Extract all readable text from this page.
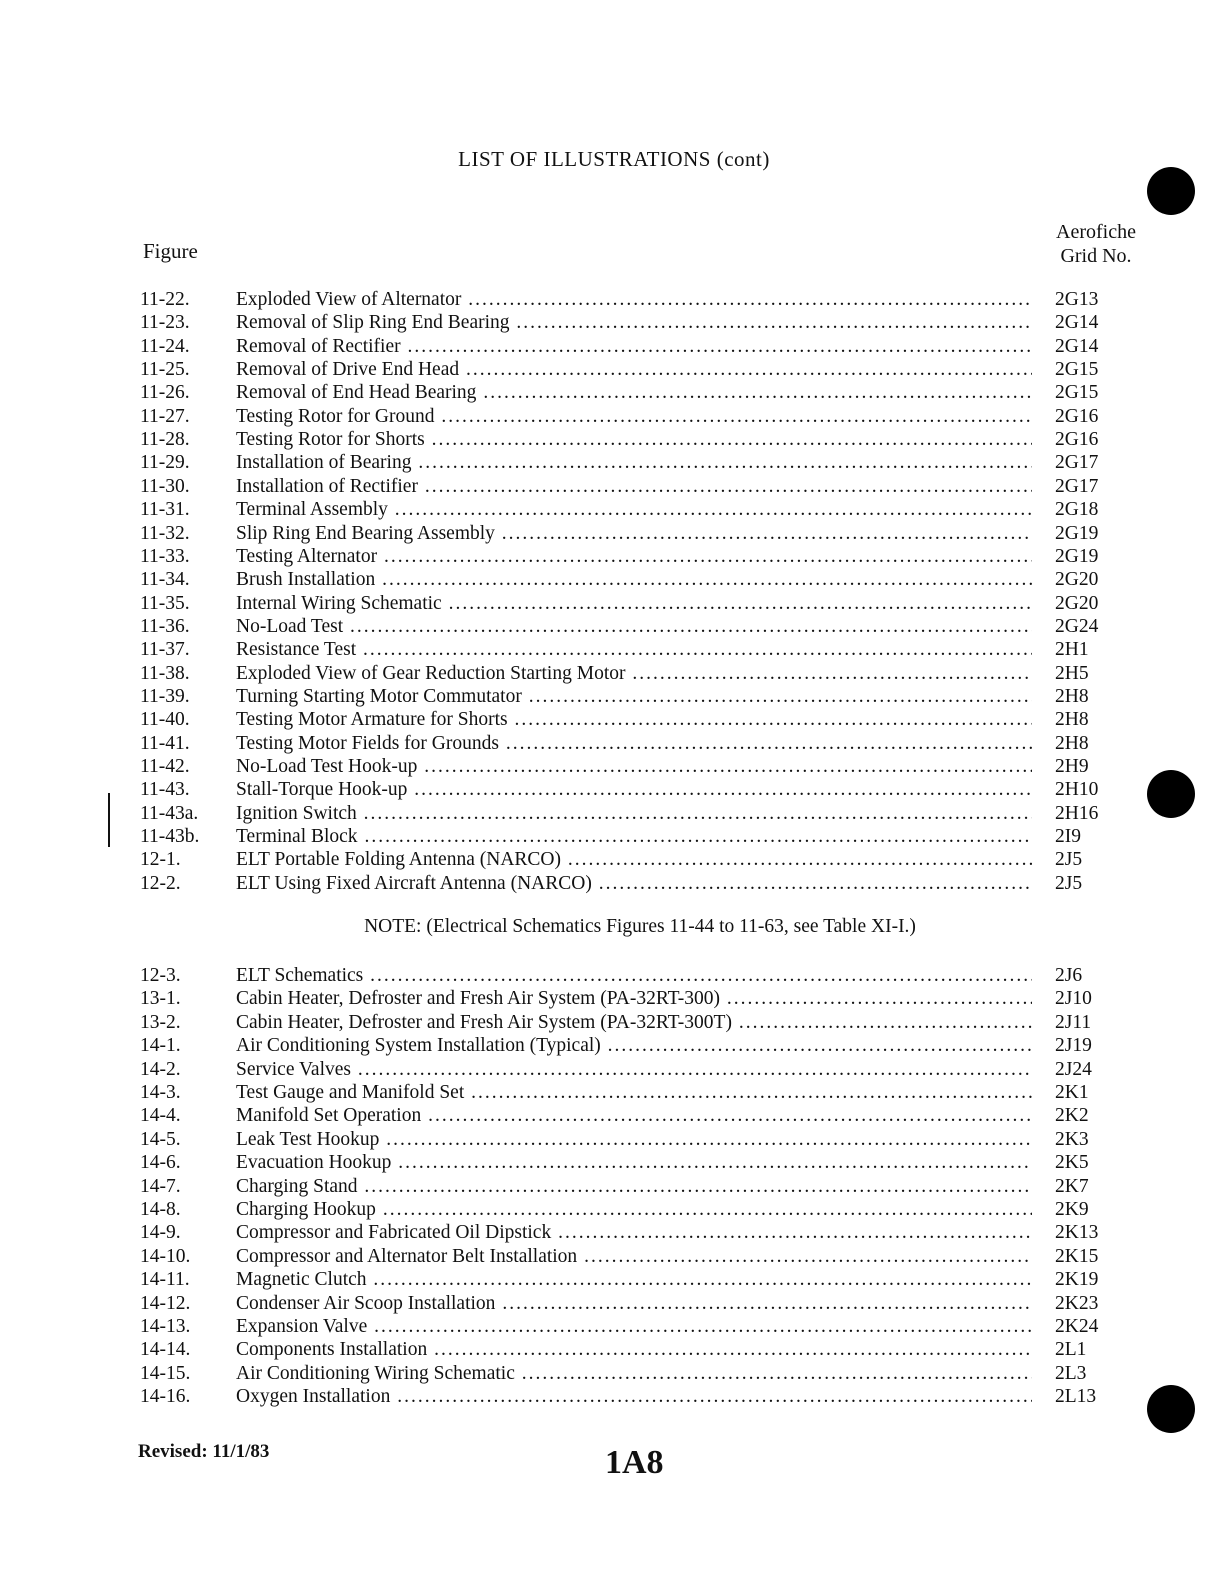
LIST OF ILLUSTRATIONS (cont)
Figure
Aerofiche
Grid No.
11-22.	Exploded View of Alternator .....	2G13
11-23.	Removal of Slip Ring End Bearing .....	2G14
11-24.	Removal of Rectifier .....	2G14
11-25.	Removal of Drive End Head .....	2G15
11-26.	Removal of End Head Bearing .....	2G15
11-27.	Testing Rotor for Ground .....	2G16
11-28.	Testing Rotor for Shorts .....	2G16
11-29.	Installation of Bearing .....	2G17
11-30.	Installation of Rectifier .....	2G17
11-31.	Terminal Assembly .....	2G18
11-32.	Slip Ring End Bearing Assembly .....	2G19
11-33.	Testing Alternator .....	2G19
11-34.	Brush Installation .....	2G20
11-35.	Internal Wiring Schematic .....	2G20
11-36.	No-Load Test .....	2G24
11-37.	Resistance Test .....	2H1
11-38.	Exploded View of Gear Reduction Starting Motor .....	2H5
11-39.	Turning Starting Motor Commutator .....	2H8
11-40.	Testing Motor Armature for Shorts .....	2H8
11-41.	Testing Motor Fields for Grounds .....	2H8
11-42.	No-Load Test Hook-up .....	2H9
11-43.	Stall-Torque Hook-up .....	2H10
11-43a.	Ignition Switch .....	2H16
11-43b.	Terminal Block .....	2I9
12-1.	ELT Portable Folding Antenna (NARCO) .....	2J5
12-2.	ELT Using Fixed Aircraft Antenna (NARCO) .....	2J5
NOTE: (Electrical Schematics Figures 11-44 to 11-63, see Table XI-I.)
12-3.	ELT Schematics .....	2J6
13-1.	Cabin Heater, Defroster and Fresh Air System (PA-32RT-300) .....	2J10
13-2.	Cabin Heater, Defroster and Fresh Air System (PA-32RT-300T) .....	2J11
14-1.	Air Conditioning System Installation (Typical) .....	2J19
14-2.	Service Valves .....	2J24
14-3.	Test Gauge and Manifold Set .....	2K1
14-4.	Manifold Set Operation .....	2K2
14-5.	Leak Test Hookup .....	2K3
14-6.	Evacuation Hookup .....	2K5
14-7.	Charging Stand .....	2K7
14-8.	Charging Hookup .....	2K9
14-9.	Compressor and Fabricated Oil Dipstick .....	2K13
14-10.	Compressor and Alternator Belt Installation .....	2K15
14-11.	Magnetic Clutch .....	2K19
14-12.	Condenser Air Scoop Installation .....	2K23
14-13.	Expansion Valve .....	2K24
14-14.	Components Installation .....	2L1
14-15.	Air Conditioning Wiring Schematic .....	2L3
14-16.	Oxygen Installation .....	2L13
Revised: 11/1/83	1A8
